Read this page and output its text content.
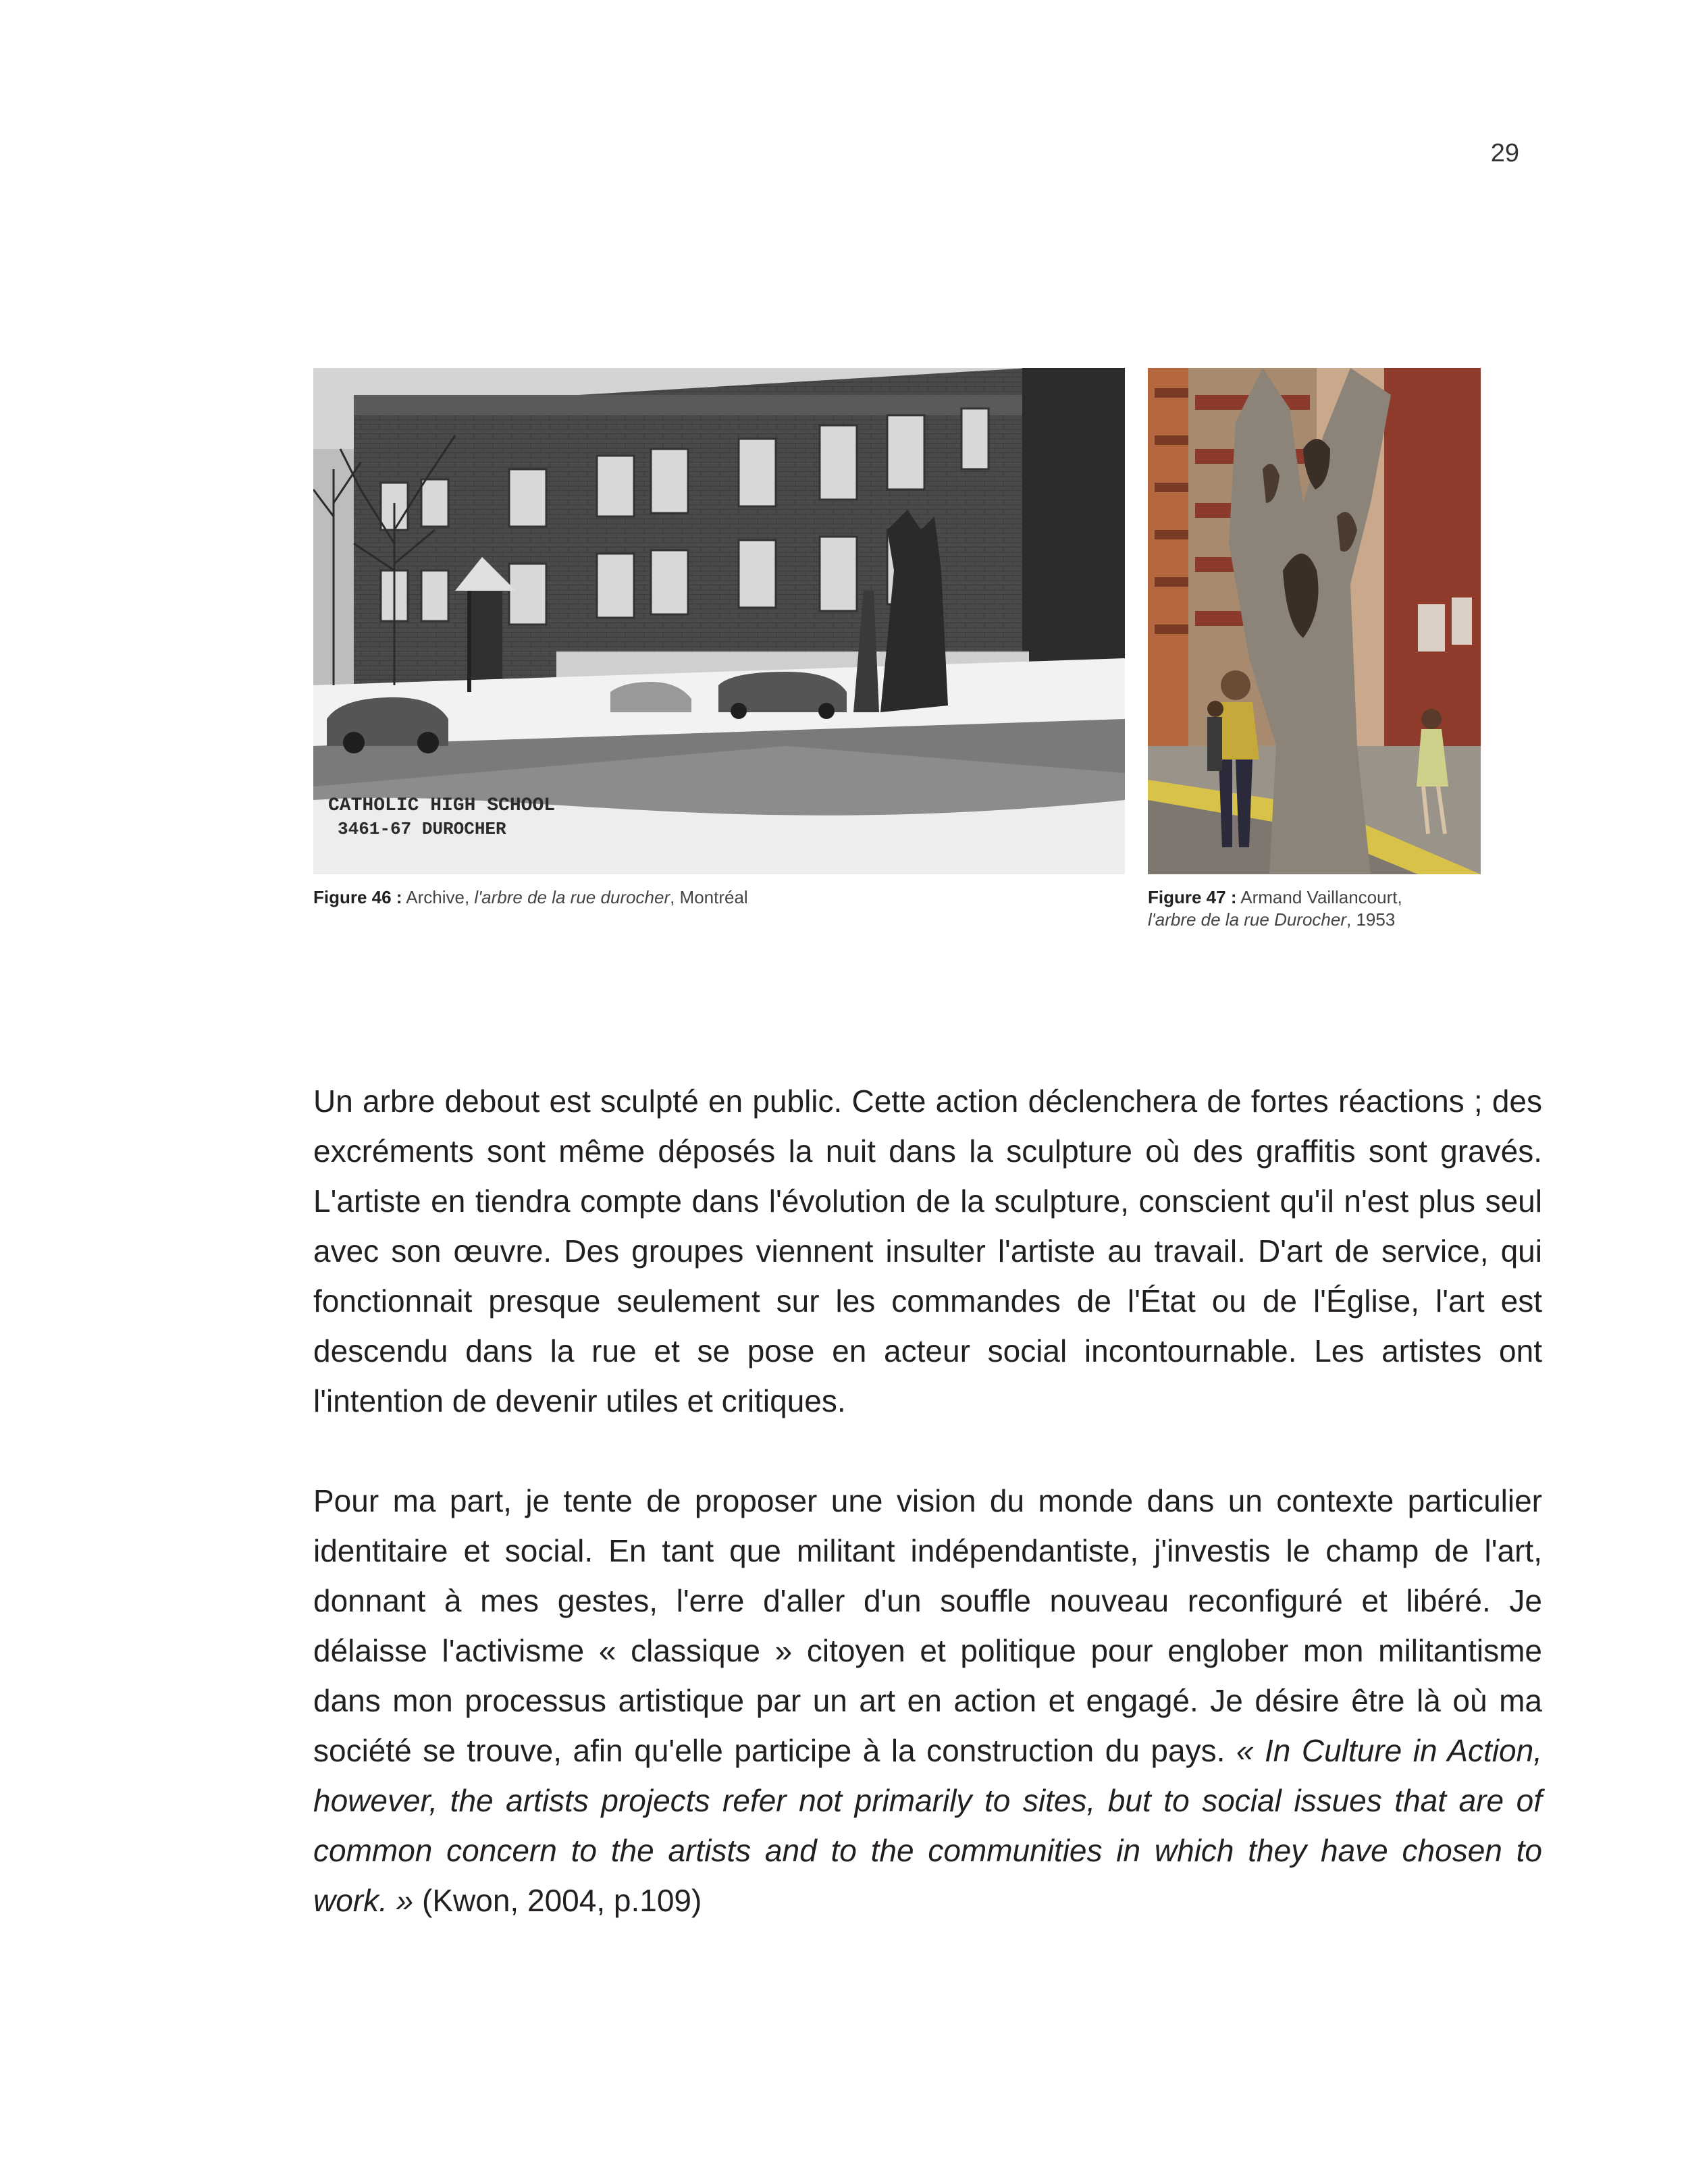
29
CATHOLIC HIGH SCHOOL
3461-67 DUROCHER
Figure 46 : Archive, l'arbre de la rue durocher, Montréal	Figure 47 : Armand Vaillancourt,
l'arbre de la rue Durocher, 1953

Un arbre debout est sculpté en public. Cette action déclenchera de fortes réactions ; des excréments sont même déposés la nuit dans la sculpture où des graffitis sont gravés. L'artiste en tiendra compte dans l'évolution de la sculpture, conscient qu'il n'est plus seul avec son œuvre. Des groupes viennent insulter l'artiste au travail. D'art de service, qui fonctionnait presque seulement sur les commandes de l'État ou de l'Église, l'art est descendu dans la rue et se pose en acteur social incontournable. Les artistes ont l'intention de devenir utiles et critiques.

Pour ma part, je tente de proposer une vision du monde dans un contexte particulier identitaire et social. En tant que militant indépendantiste, j'investis le champ de l'art, donnant à mes gestes, l'erre d'aller d'un souffle nouveau reconfiguré et libéré. Je délaisse l'activisme « classique » citoyen et politique pour englober mon militantisme dans mon processus artistique par un art en action et engagé. Je désire être là où ma société se trouve, afin qu'elle participe à la construction du pays. « In Culture in Action, however, the artists projects refer not primarily to sites, but to social issues that are of common concern to the artists and to the communities in which they have chosen to work. » (Kwon, 2004, p.109)
